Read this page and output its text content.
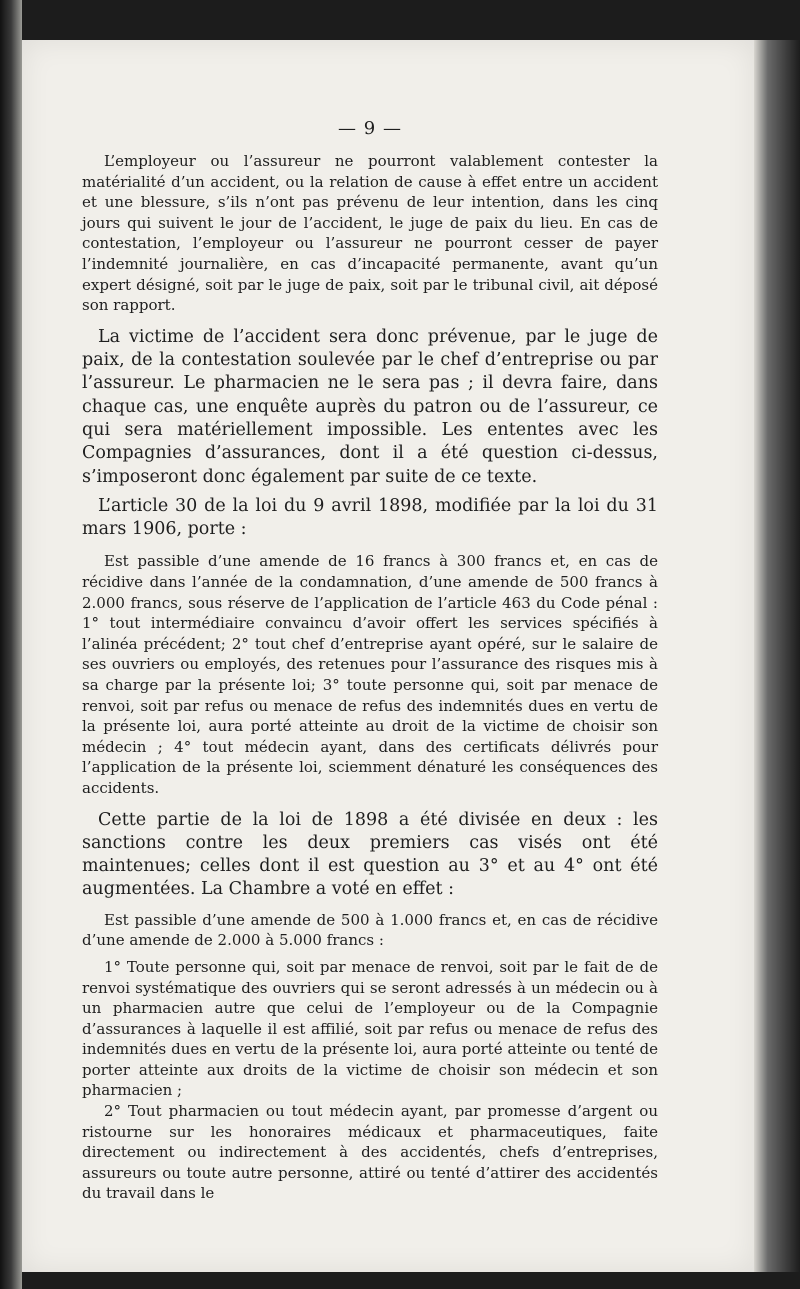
— 9 —

L’employeur ou l’assureur ne pourront valablement contester la matérialité d’un accident, ou la relation de cause à effet entre un accident et une blessure, s’ils n’ont pas prévenu de leur intention, dans les cinq jours qui suivent le jour de l’accident, le juge de paix du lieu. En cas de contestation, l’employeur ou l’assureur ne pourront cesser de payer l’indemnité journalière, en cas d’incapacité permanente, avant qu’un expert désigné, soit par le juge de paix, soit par le tribunal civil, ait déposé son rapport.

La victime de l’accident sera donc prévenue, par le juge de paix, de la contestation soulevée par le chef d’entreprise ou par l’assureur. Le pharmacien ne le sera pas ; il devra faire, dans chaque cas, une enquête auprès du patron ou de l’assureur, ce qui sera matériellement impossible. Les ententes avec les Compagnies d’assurances, dont il a été question ci-dessus, s’imposeront donc également par suite de ce texte.

L’article 30 de la loi du 9 avril 1898, modifiée par la loi du 31 mars 1906, porte :

Est passible d’une amende de 16 francs à 300 francs et, en cas de récidive dans l’année de la condamnation, d’une amende de 500 francs à 2.000 francs, sous réserve de l’application de l’article 463 du Code pénal : 1° tout intermédiaire convaincu d’avoir offert les services spécifiés à l’alinéa précédent; 2° tout chef d’entreprise ayant opéré, sur le salaire de ses ouvriers ou employés, des retenues pour l’assurance des risques mis à sa charge par la présente loi; 3° toute personne qui, soit par menace de renvoi, soit par refus ou menace de refus des indemnités dues en vertu de la présente loi, aura porté atteinte au droit de la victime de choisir son médecin ; 4° tout médecin ayant, dans des certificats délivrés pour l’application de la présente loi, sciemment dénaturé les conséquences des accidents.

Cette partie de la loi de 1898 a été divisée en deux : les sanctions contre les deux premiers cas visés ont été maintenues; celles dont il est question au 3° et au 4° ont été augmentées. La Chambre a voté en effet :

Est passible d’une amende de 500 à 1.000 francs et, en cas de récidive d’une amende de 2.000 à 5.000 francs :

1° Toute personne qui, soit par menace de renvoi, soit par le fait de de renvoi systématique des ouvriers qui se seront adressés à un médecin ou à un pharmacien autre que celui de l’employeur ou de la Compagnie d’assurances à laquelle il est affilié, soit par refus ou menace de refus des indemnités dues en vertu de la présente loi, aura porté atteinte ou tenté de porter atteinte aux droits de la victime de choisir son médecin et son pharmacien ;

2° Tout pharmacien ou tout médecin ayant, par promesse d’argent ou ristourne sur les honoraires médicaux et pharmaceutiques, faite directement ou indirectement à des accidentés, chefs d’entreprises, assureurs ou toute autre personne, attiré ou tenté d’attirer des accidentés du travail dans le
